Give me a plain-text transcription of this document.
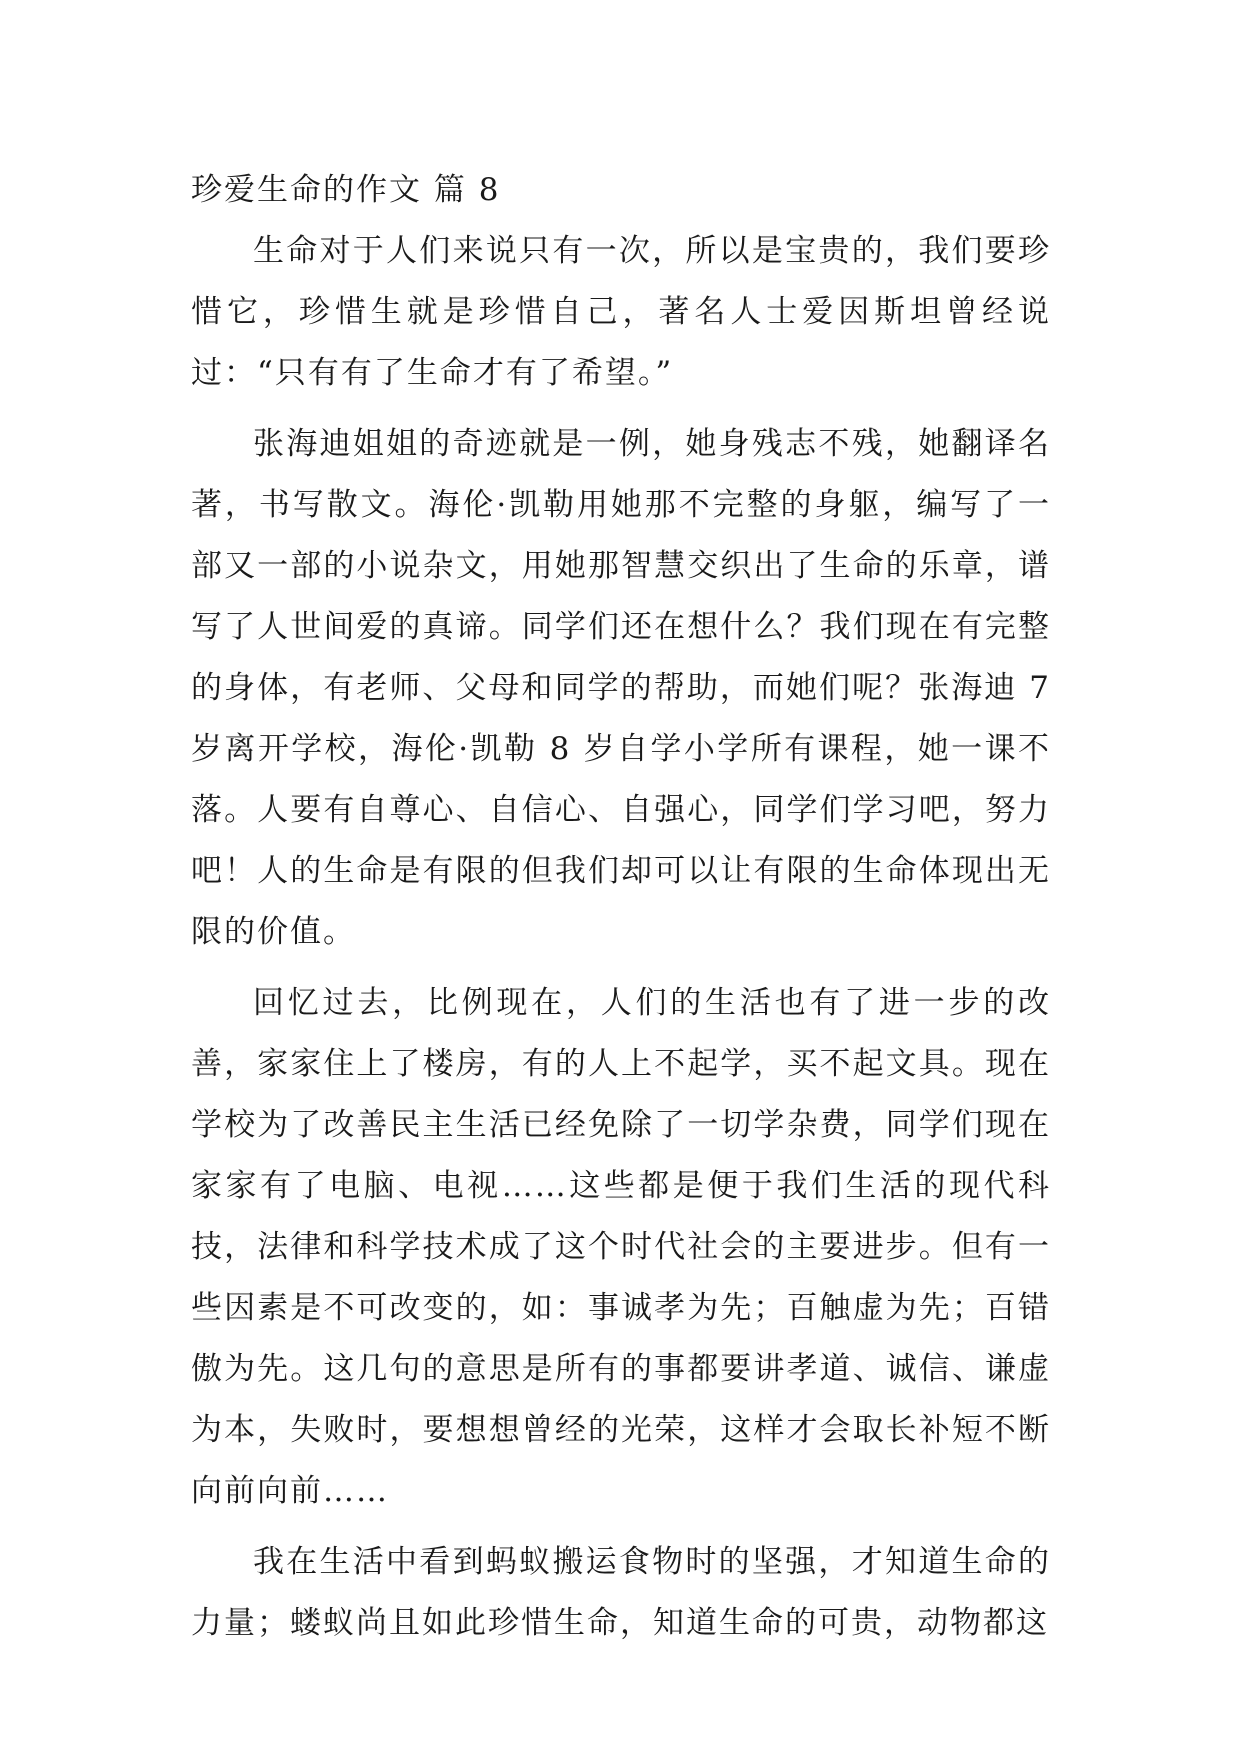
珍爱生命的作文 篇 8

生命对于人们来说只有一次，所以是宝贵的，我们要珍惜它，珍惜生就是珍惜自己，著名人士爱因斯坦曾经说过：“只有有了生命才有了希望。”

张海迪姐姐的奇迹就是一例，她身残志不残，她翻译名著，书写散文。海伦·凯勒用她那不完整的身躯，编写了一部又一部的小说杂文，用她那智慧交织出了生命的乐章，谱写了人世间爱的真谛。同学们还在想什么？我们现在有完整的身体，有老师、父母和同学的帮助，而她们呢？张海迪 7 岁离开学校，海伦·凯勒 8 岁自学小学所有课程，她一课不落。人要有自尊心、自信心、自强心，同学们学习吧，努力吧！人的生命是有限的但我们却可以让有限的生命体现出无限的价值。

回忆过去，比例现在，人们的生活也有了进一步的改善，家家住上了楼房，有的人上不起学，买不起文具。现在学校为了改善民主生活已经免除了一切学杂费，同学们现在家家有了电脑、电视……这些都是便于我们生活的现代科技，法律和科学技术成了这个时代社会的主要进步。但有一些因素是不可改变的，如：事诚孝为先；百触虚为先；百错傲为先。这几句的意思是所有的事都要讲孝道、诚信、谦虚为本，失败时，要想想曾经的光荣，这样才会取长补短不断向前向前……

我在生活中看到蚂蚁搬运食物时的坚强，才知道生命的力量；蝼蚁尚且如此珍惜生命，知道生命的可贵，动物都这
